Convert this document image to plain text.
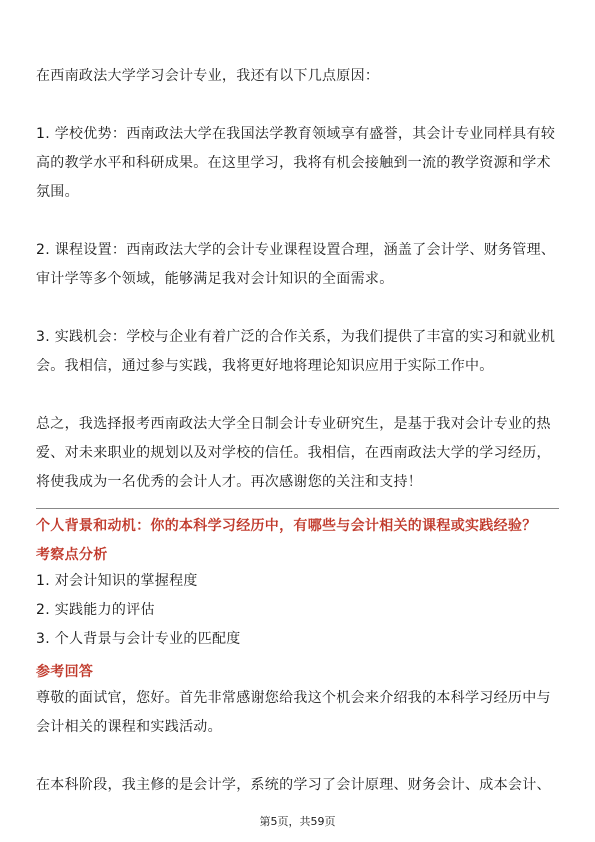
在西南政法大学学习会计专业，我还有以下几点原因：
1. 学校优势：西南政法大学在我国法学教育领域享有盛誉，其会计专业同样具有较
高的教学水平和科研成果。在这里学习，我将有机会接触到一流的教学资源和学术
氛围。
2. 课程设置：西南政法大学的会计专业课程设置合理，涵盖了会计学、财务管理、
审计学等多个领域，能够满足我对会计知识的全面需求。
3. 实践机会：学校与企业有着广泛的合作关系，为我们提供了丰富的实习和就业机
会。我相信，通过参与实践，我将更好地将理论知识应用于实际工作中。
总之，我选择报考西南政法大学全日制会计专业研究生，是基于我对会计专业的热
爱、对未来职业的规划以及对学校的信任。我相信，在西南政法大学的学习经历，
将使我成为一名优秀的会计人才。再次感谢您的关注和支持！
个人背景和动机：你的本科学习经历中，有哪些与会计相关的课程或实践经验？
考察点分析
1. 对会计知识的掌握程度
2. 实践能力的评估
3. 个人背景与会计专业的匹配度
参考回答
尊敬的面试官，您好。首先非常感谢您给我这个机会来介绍我的本科学习经历中与
会计相关的课程和实践活动。
在本科阶段，我主修的是会计学，系统的学习了会计原理、财务会计、成本会计、
第5页，共59页
